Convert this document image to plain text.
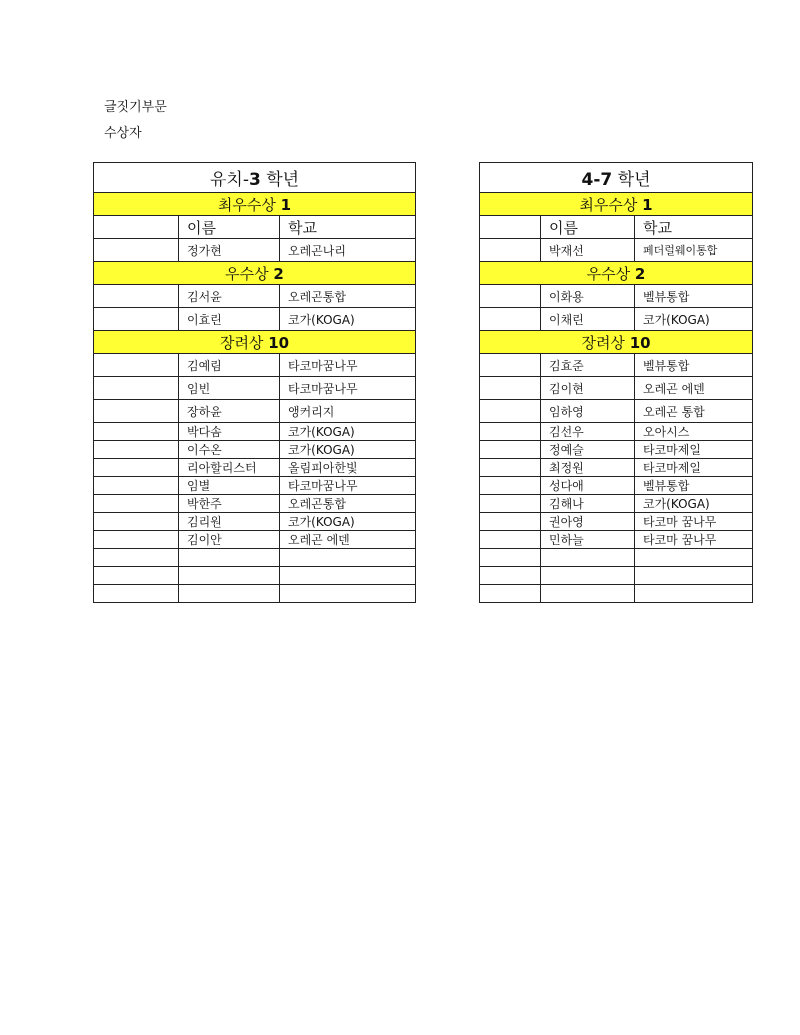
글짓기부문
수상자
유치-3 학년		
최우수상 1		
	이름	학교
	정가현	오레곤나리
우수상 2		
	김서윤	오레곤통합
	이효린	코가(KOGA)
장려상 10		
	김예림	타코마꿈나무
	임빈	타코마꿈나무
	장하윤	앵커리지
	박다솜	코가(KOGA)
	이수온	코가(KOGA)
	리아할리스터	올림피아한빛
	임별	타코마꿈나무
	박한주	오레곤통합
	김리원	코가(KOGA)
	김이안	오레곤 에덴

4-7 학년		
최우수상 1		
	이름	학교
	박재선	페더럴웨이통합
우수상 2		
	이화용	벨뷰통합
	이채린	코가(KOGA)
장려상 10		
	김효준	벨뷰통합
	김이현	오레곤 에덴
	임하영	오레곤 통합
	김선우	오아시스
	정예슬	타코마제일
	최정원	타코마제일
	성다애	벨뷰통합
	김해나	코가(KOGA)
	권아영	타코마 꿈나무
	민하늘	타코마 꿈나무
